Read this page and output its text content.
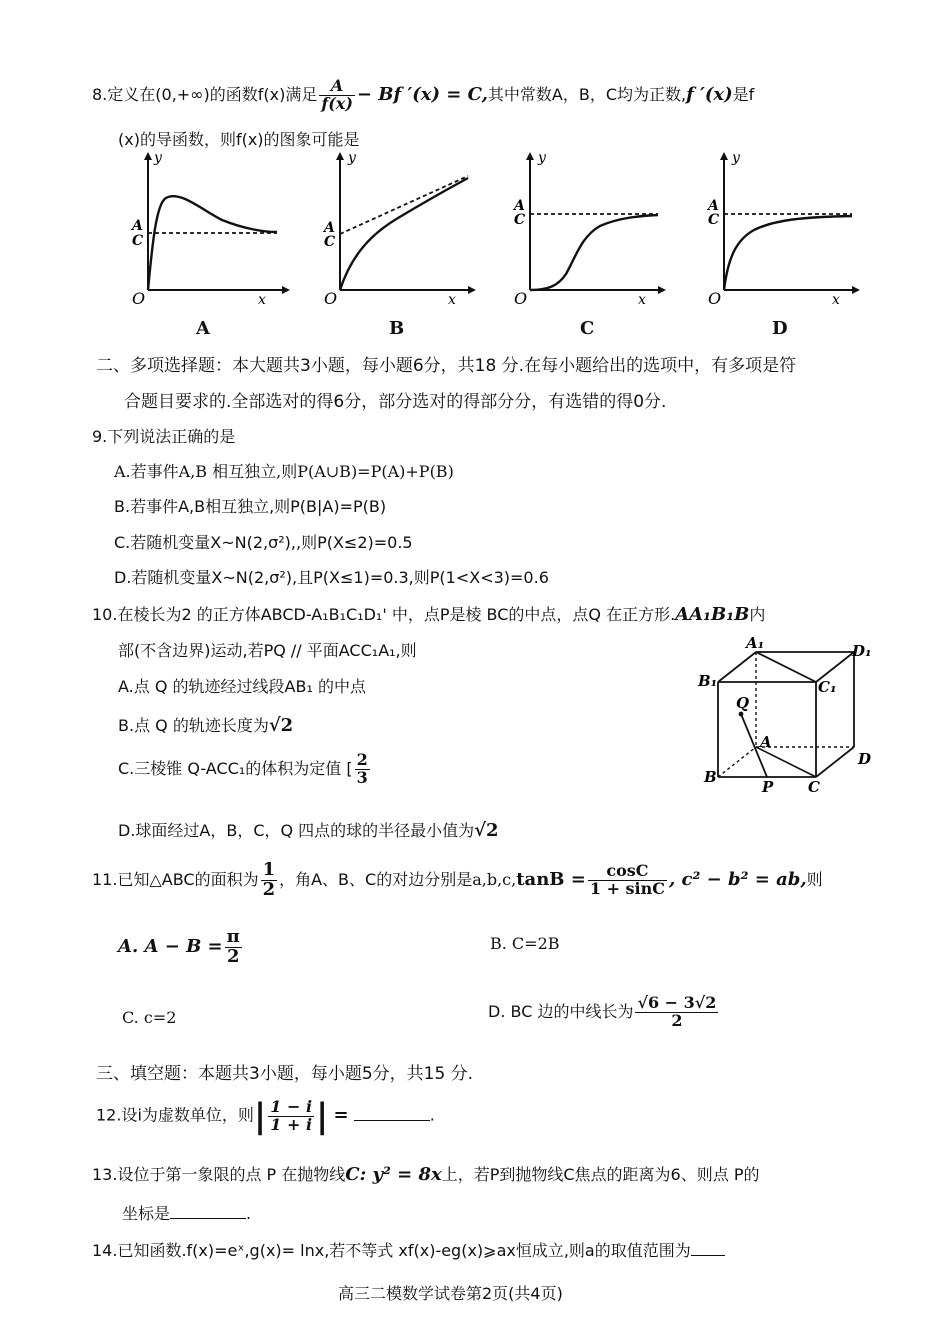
8.定义在(0,+∞)的函数f(x)满足 $\frac{A}{f(x)} - Bf$ ′(x) = C,其中常数A，B，C均为正数,f ′(x)是f
(x)的导函数，则f(x)的图象可能是
y
x
O
A
C
A
y
x
O
A
C
B
y
x
O
A
C
C
y
x
O
A
C
D
二、多项选择题：本大题共3小题，每小题6分，共18 分.在每小题给出的选项中，有多项是符
合题目要求的.全部选对的得6分，部分选对的得部分分，有选错的得0分.
9.下列说法正确的是
A.若事件A,B 相互独立,则P(A∪B)=P(A)+P(B)
B.若事件A,B相互独立,则P(B|A)=P(B)
C.若随机变量X~N(2,σ²),,则P(X≤2)=0.5
D.若随机变量X~N(2,σ²),且P(X≤1)=0.3,则P(1<X<3)=0.6
10.在棱长为2 的正方体ABCD-A₁B₁C₁D₁' 中，点P是棱 BC的中点，点Q 在正方形.AA₁B₁B内
部(不含边界)运动,若PQ // 平面ACC₁A₁,则
A.点 Q 的轨迹经过线段AB₁ 的中点
B.点 Q 的轨迹长度为√2
C.三棱锥 Q-ACC₁的体积为定值 [ $\frac{2}{3}$
D.球面经过A，B，C，Q 四点的球的半径最小值为√2
A₁	D₁
B₁	C₁
Q
A
D
B
P C
11.已知△ABC的面积为 $\frac{1}{2}$ ，角A、B、C的对边分别是$a,b,c,\tan B = \frac{\cos C}{1 + \sin C}$ , c² − b² = ab,则
A. $A - B = \frac{\pi}{2}$	B. C=2B
C. c=2	D. BC 边的中线长为 $\frac{√6 - 3√2}{2}$
三、填空题：本题共3小题，每小题5分，共15 分.
12.设i为虚数单位，则| $\frac{1 - i}{1 + i}$ | =	.
13.设位于第一象限的点 P 在抛物线C: y² = 8x上，若P到抛物线C焦点的距离为6、则点 P的
坐标是	.
14.已知函数.f(x)=eˣ,g(x)= lnx,若不等式 xf(x)-eg(x)⩾ax恒成立,则a的取值范围为
高三二模数学试卷第2页(共4页)
